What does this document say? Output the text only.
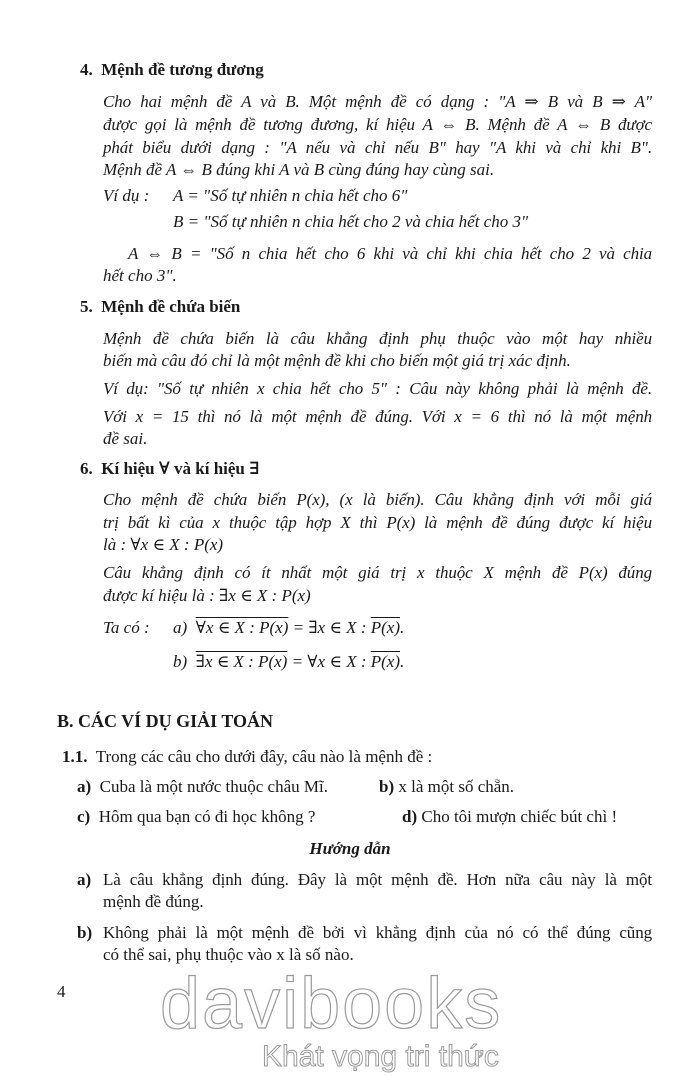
4. Mệnh đề tương đương
Cho hai mệnh đề A và B. Một mệnh đề có dạng : "A ⇒ B và B ⇒ A"
được gọi là mệnh đề tương đương, kí hiệu A ⇔ B. Mệnh đề A ⇔ B được
phát biểu dưới dạng : "A nếu và chỉ nếu B" hay "A khi và chỉ khi B".
Mệnh đề A ⇔ B đúng khi A và B cùng đúng hay cùng sai.
Ví dụ : A = "Số tự nhiên n chia hết cho 6"
B = "Số tự nhiên n chia hết cho 2 và chia hết cho 3"
A ⇔ B = "Số n chia hết cho 6 khi và chỉ khi chia hết cho 2 và chia
hết cho 3".
5. Mệnh đề chứa biến
Mệnh đề chứa biến là câu khẳng định phụ thuộc vào một hay nhiều
biến mà câu đó chỉ là một mệnh đề khi cho biến một giá trị xác định.
Ví dụ: "Số tự nhiên x chia hết cho 5" : Câu này không phải là mệnh đề.
Với x = 15 thì nó là một mệnh đề đúng. Với x = 6 thì nó là một mệnh
đề sai.
6. Kí hiệu ∀ và kí hiệu ∃
Cho mệnh đề chứa biến P(x), (x là biến). Câu khẳng định với mỗi giá
trị bất kì của x thuộc tập hợp X thì P(x) là mệnh đề đúng được kí hiệu
là : ∀x ∈ X : P(x)
Câu khẳng định có ít nhất một giá trị x thuộc X mệnh đề P(x) đúng
được kí hiệu là : ∃x ∈ X : P(x)
Ta có : a) ∀x ∈ X : P(x) = ∃x ∈ X : P(x).
b) ∃x ∈ X : P(x) = ∀x ∈ X : P(x).
B. CÁC VÍ DỤ GIẢI TOÁN
1.1. Trong các câu cho dưới đây, câu nào là mệnh đề :
a) Cuba là một nước thuộc châu Mĩ.	b) x là một số chẵn.
c) Hôm qua bạn có đi học không ?	d) Cho tôi mượn chiếc bút chì !
Hướng dẫn
a) Là câu khẳng định đúng. Đây là một mệnh đề. Hơn nữa câu này là một
mệnh đề đúng.
b) Không phải là một mệnh đề bởi vì khẳng định của nó có thể đúng cũng
có thể sai, phụ thuộc vào x là số nào.
4 davibooks
Khát vọng tri thức
